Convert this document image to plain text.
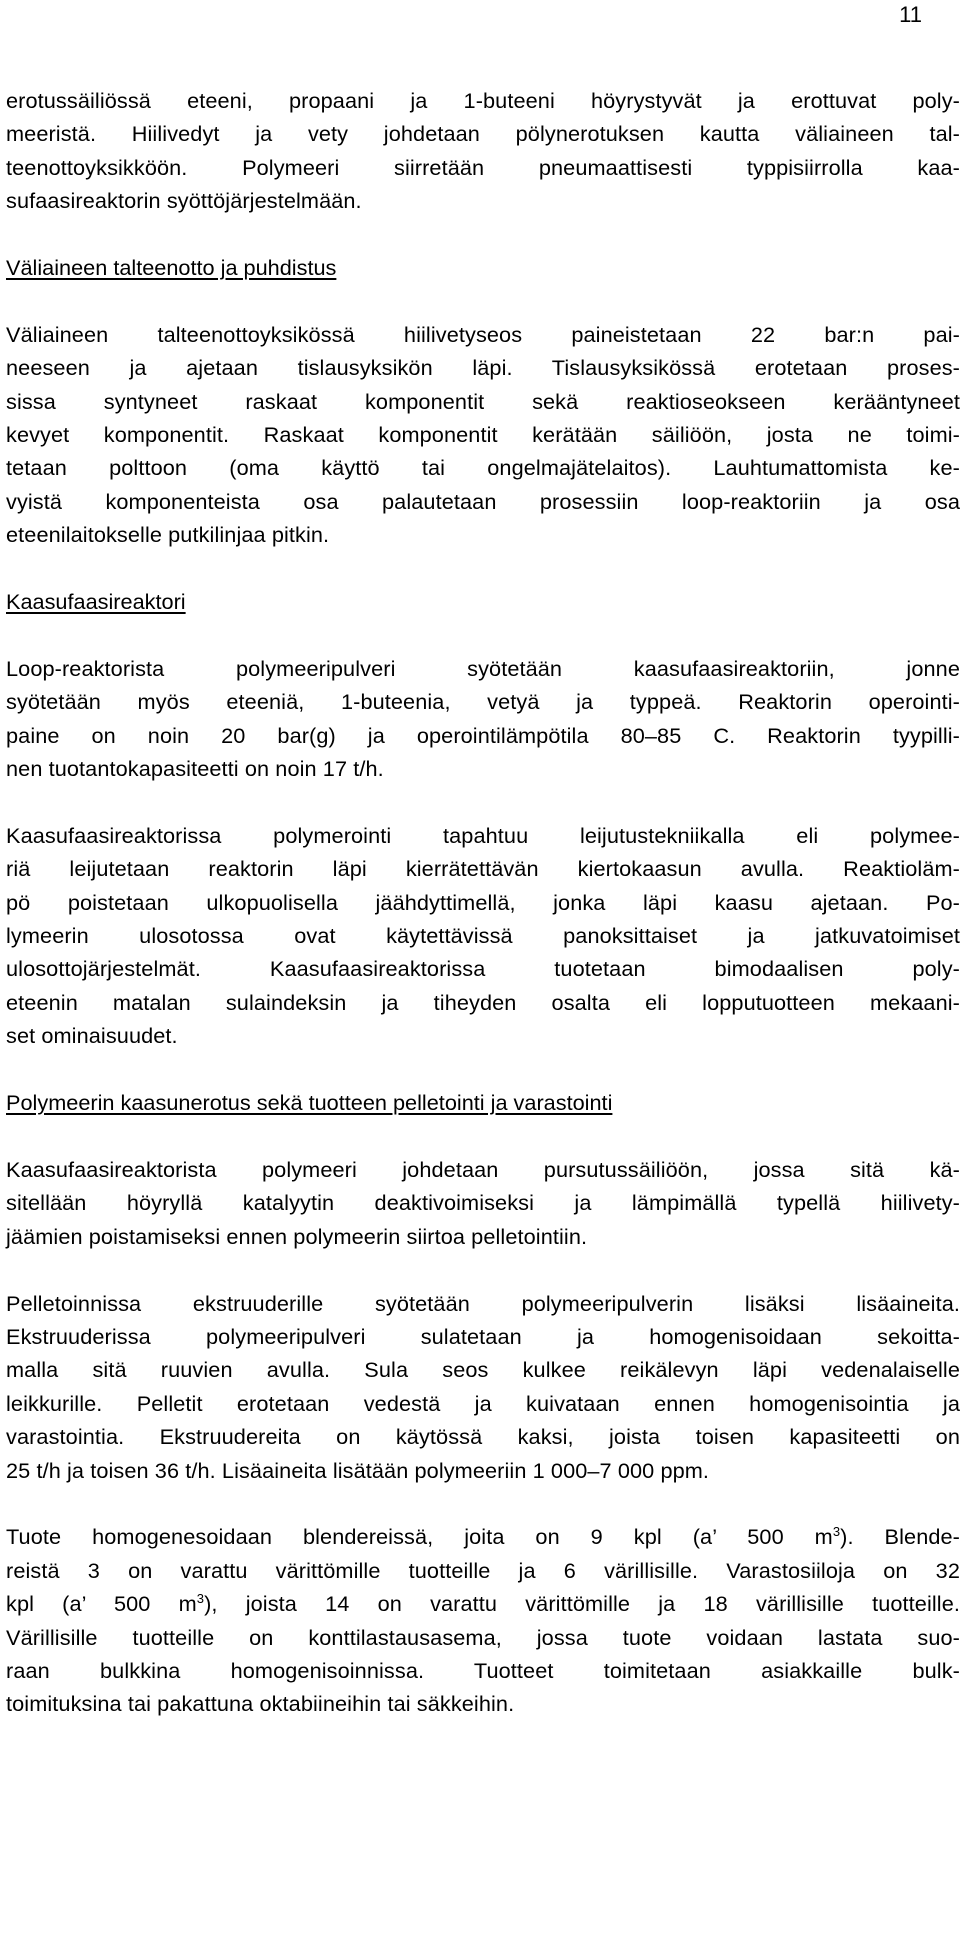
11
erotussäiliössä eteeni, propaani ja 1-buteeni höyrystyvät ja erottuvat poly-
meeristä. Hiilivedyt ja vety johdetaan pölynerotuksen kautta väliaineen tal-
teenottoyksikköön. Polymeeri siirretään pneumaattisesti typpisiirrolla kaa-
sufaasireaktorin syöttöjärjestelmään.
Väliaineen talteenotto ja puhdistus
Väliaineen talteenottoyksikössä hiilivetyseos paineistetaan 22 bar:n pai-
neeseen ja ajetaan tislausyksikön läpi. Tislausyksikössä erotetaan proses-
sissa syntyneet raskaat komponentit sekä reaktioseokseen kerääntyneet
kevyet komponentit. Raskaat komponentit kerätään säiliöön, josta ne toimi-
tetaan polttoon (oma käyttö tai ongelmajätelaitos). Lauhtumattomista ke-
vyistä komponenteista osa palautetaan prosessiin loop-reaktoriin ja osa
eteenilaitokselle putkilinjaa pitkin.
Kaasufaasireaktori
Loop-reaktorista polymeeripulveri syötetään kaasufaasireaktoriin, jonne
syötetään myös eteeniä, 1-buteenia, vetyä ja typpeä. Reaktorin operointi-
paine on noin 20 bar(g) ja operointilämpötila 80–85 C. Reaktorin tyypilli-
nen tuotantokapasiteetti on noin 17 t/h.
Kaasufaasireaktorissa polymerointi tapahtuu leijutustekniikalla eli polymee-
riä leijutetaan reaktorin läpi kierrätettävän kiertokaasun avulla. Reaktioläm-
pö poistetaan ulkopuolisella jäähdyttimellä, jonka läpi kaasu ajetaan. Po-
lymeerin ulosotossa ovat käytettävissä panoksittaiset ja jatkuvatoimiset
ulosottojärjestelmät. Kaasufaasireaktorissa tuotetaan bimodaalisen poly-
eteenin matalan sulaindeksin ja tiheyden osalta eli lopputuotteen mekaani-
set ominaisuudet.
Polymeerin kaasunerotus sekä tuotteen pelletointi ja varastointi
Kaasufaasireaktorista polymeeri johdetaan pursutussäiliöön, jossa sitä kä-
sitellään höyryllä katalyytin deaktivoimiseksi ja lämpimällä typellä hiilivety-
jäämien poistamiseksi ennen polymeerin siirtoa pelletointiin.
Pelletoinnissa ekstruuderille syötetään polymeeripulverin lisäksi lisäaineita.
Ekstruuderissa polymeeripulveri sulatetaan ja homogenisoidaan sekoitta-
malla sitä ruuvien avulla. Sula seos kulkee reikälevyn läpi vedenalaiselle
leikkurille. Pelletit erotetaan vedestä ja kuivataan ennen homogenisointia ja
varastointia. Ekstruudereita on käytössä kaksi, joista toisen kapasiteetti on
25 t/h ja toisen 36 t/h. Lisäaineita lisätään polymeeriin 1 000–7 000 ppm.
Tuote homogenesoidaan blendereissä, joita on 9 kpl (a’ 500 $m^3$). Blende-
reistä 3 on varattu värittömille tuotteille ja 6 värillisille. Varastosiiloja on 32
kpl (a’ 500 $m^3$), joista 14 on varattu värittömille ja 18 värillisille tuotteille.
Värillisille tuotteille on konttilastausasema, jossa tuote voidaan lastata suo-
raan bulkkina homogenisoinnissa. Tuotteet toimitetaan asiakkaille bulk-
toimituksina tai pakattuna oktabiineihin tai säkkeihin.
